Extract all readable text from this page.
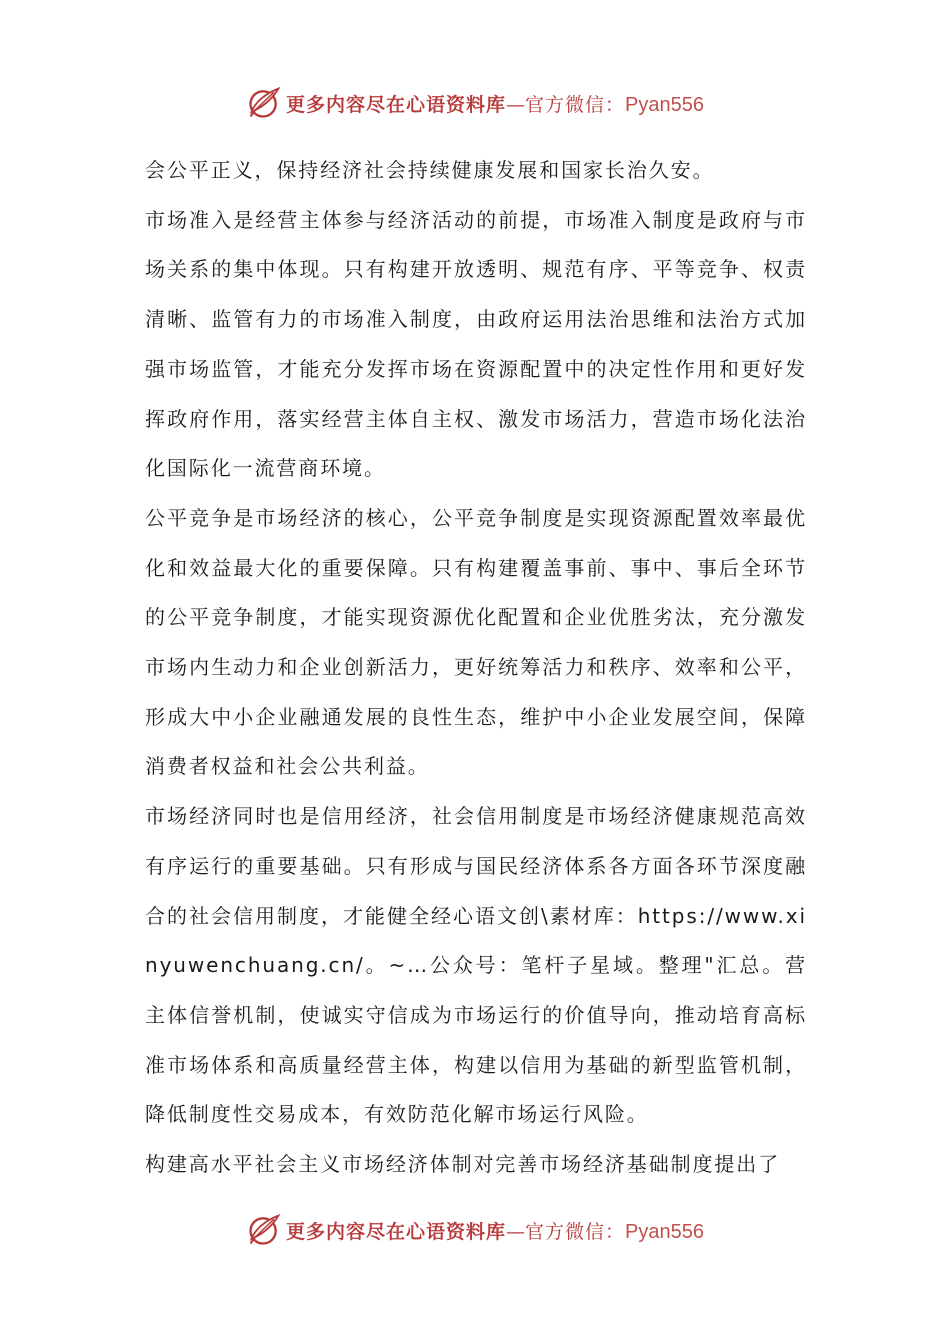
更多内容尽在心语资料库 — 官方微信： Pyan556

会公平正义，保持经济社会持续健康发展和国家长治久安。

市场准入是经营主体参与经济活动的前提，市场准入制度是政府与市场关系的集中体现。只有构建开放透明、规范有序、平等竞争、权责清晰、监管有力的市场准入制度，由政府运用法治思维和法治方式加强市场监管，才能充分发挥市场在资源配置中的决定性作用和更好发挥政府作用，落实经营主体自主权、激发市场活力，营造市场化法治化国际化一流营商环境。

公平竞争是市场经济的核心，公平竞争制度是实现资源配置效率最优化和效益最大化的重要保障。只有构建覆盖事前、事中、事后全环节的公平竞争制度，才能实现资源优化配置和企业优胜劣汰，充分激发市场内生动力和企业创新活力，更好统筹活力和秩序、效率和公平，形成大中小企业融通发展的良性生态，维护中小企业发展空间，保障消费者权益和社会公共利益。

市场经济同时也是信用经济，社会信用制度是市场经济健康规范高效有序运行的重要基础。只有形成与国民经济体系各方面各环节深度融合的社会信用制度，才能健全经心语文创\素材库：https://www.xinyuwenchuang.cn/。~…公众号：笔杆子星域。整理"汇总。营主体信誉机制，使诚实守信成为市场运行的价值导向，推动培育高标准市场体系和高质量经营主体，构建以信用为基础的新型监管机制，降低制度性交易成本，有效防范化解市场运行风险。

构建高水平社会主义市场经济体制对完善市场经济基础制度提出了

更多内容尽在心语资料库 — 官方微信： Pyan556
